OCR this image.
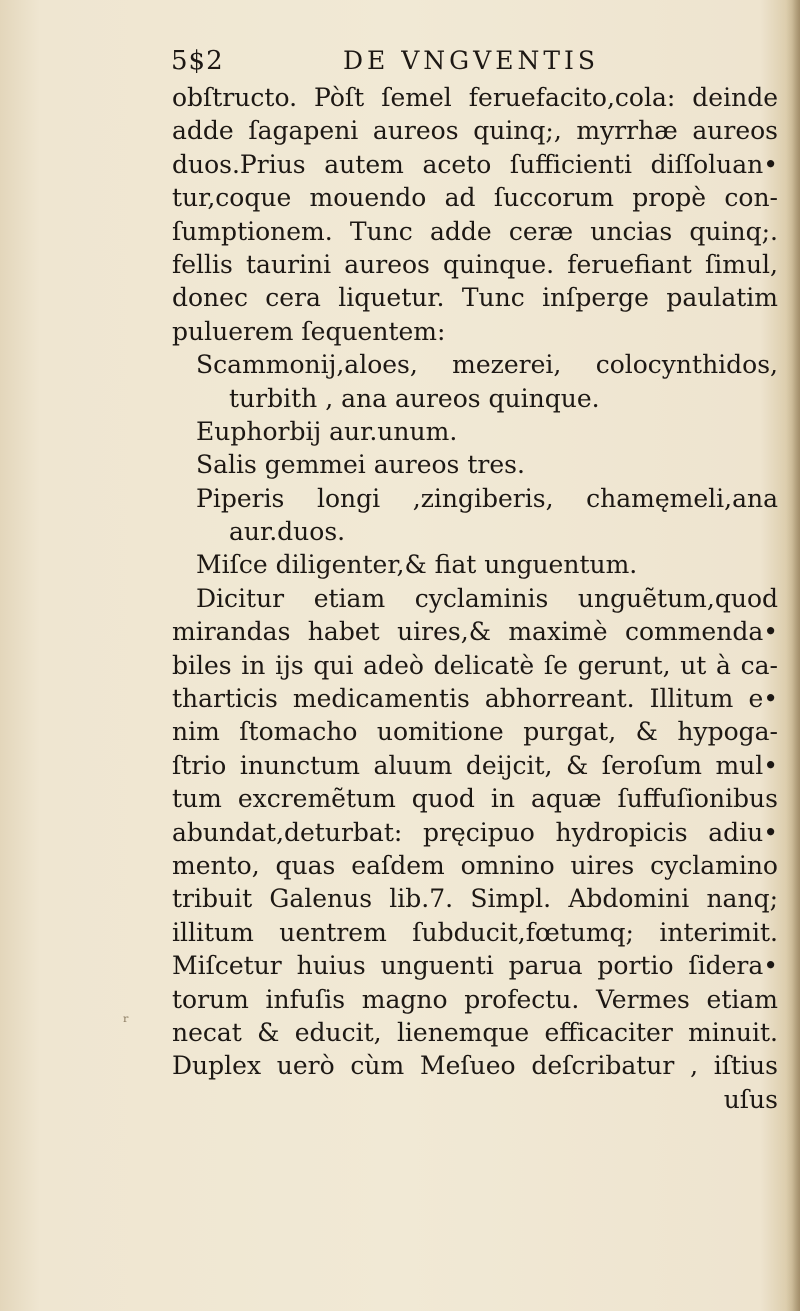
5$2	DE VNGVENTIS
obſtructo. Pòſt ſemel feruefacito,cola: deinde
adde ſagapeni aureos quinq;, myrrhæ aureos
duos.Prius autem aceto ſufficienti diſſoluan•
tur,coque mouendo ad ſuccorum propè con-
ſumptionem. Tunc adde ceræ uncias quinq;.
fellis taurini aureos quinque. feruefiant ſimul,
donec cera liquetur. Tunc inſperge paulatim
puluerem ſequentem:
Scammonij,aloes, mezerei, colocynthidos,
turbith , ana aureos quinque.
Euphorbij aur.unum.
Salis gemmei aureos tres.
Piperis longi ,zingiberis, chamęmeli,ana
aur.duos.
Miſce diligenter,& fiat unguentum.
Dicitur etiam cyclaminis unguẽtum,quod
mirandas habet uires,& maximè commenda•
biles in ijs qui adeò delicatè ſe gerunt, ut à ca-
tharticis medicamentis abhorreant. Illitum e•
nim ſtomacho uomitione purgat, & hypoga-
ſtrio inunctum aluum deijcit, & ſeroſum mul•
tum excremẽtum quod in aquæ ſuffuſionibus
abundat,deturbat: pręcipuo hydropicis adiu•
mento, quas eaſdem omnino uires cyclamino
tribuit Galenus lib.7. Simpl. Abdomini nanq;
illitum uentrem ſubducit,fœtumq; interimit.
Miſcetur huius unguenti parua portio ſidera•
torum infuſis magno profectu. Vermes etiam
necat & educit, lienemque efficaciter minuit.
Duplex uerò cùm Meſueo deſcribatur , iſtius
uſus
ʳ
